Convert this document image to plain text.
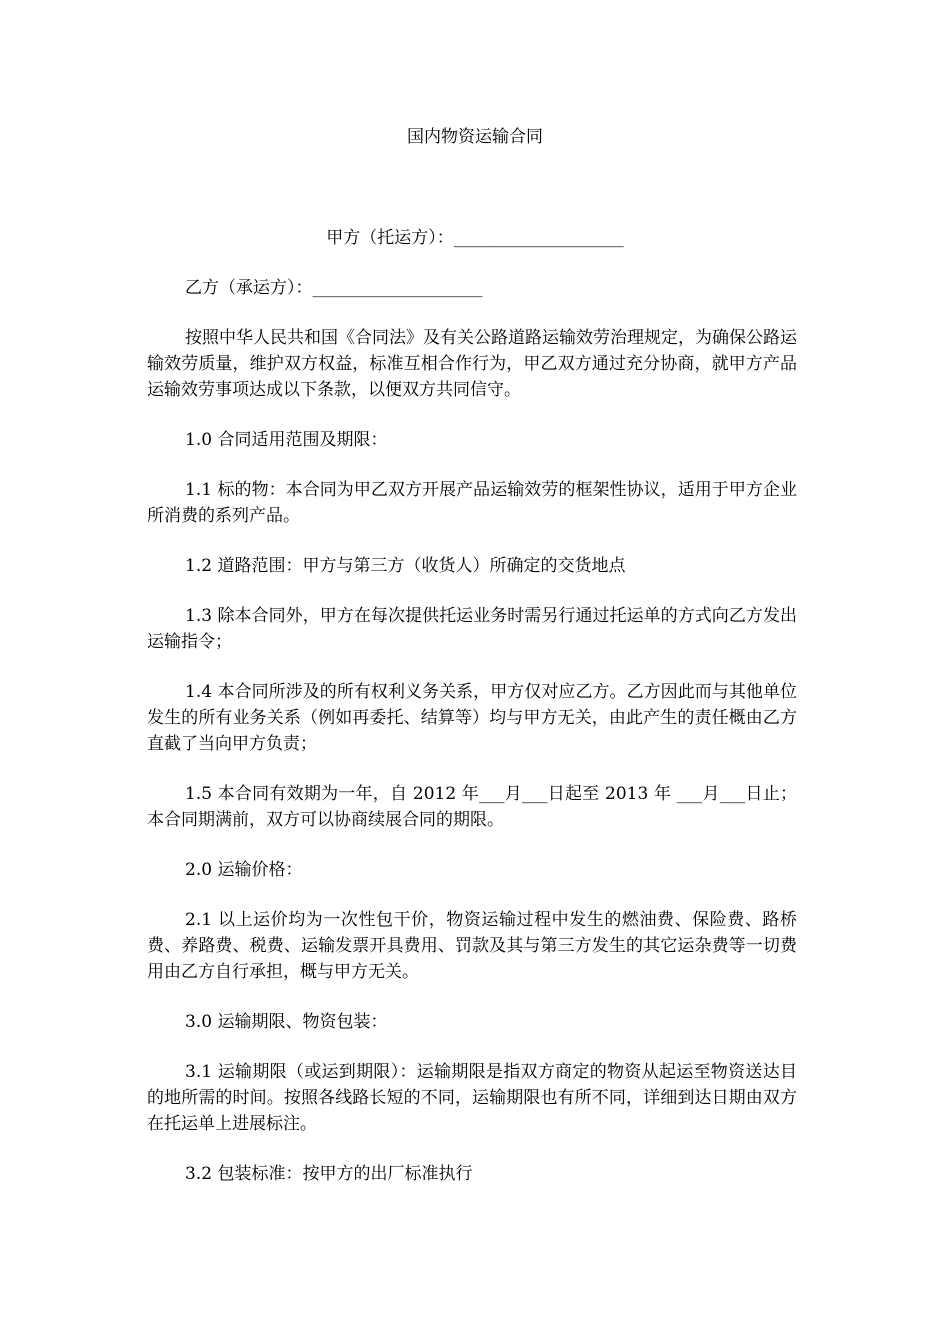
国内物资运输合同
甲方（托运方）：____________________

乙方（承运方）：____________________

按照中华人民共和国《合同法》及有关公路道路运输效劳治理规定，为确保公路运输效劳质量，维护双方权益，标准互相合作行为，甲乙双方通过充分协商，就甲方产品运输效劳事项达成以下条款，以便双方共同信守。

1.0 合同适用范围及期限：

1.1 标的物：本合同为甲乙双方开展产品运输效劳的框架性协议，适用于甲方企业所消费的系列产品。

1.2 道路范围：甲方与第三方（收货人）所确定的交货地点

1.3 除本合同外，甲方在每次提供托运业务时需另行通过托运单的方式向乙方发出运输指令；

1.4 本合同所涉及的所有权利义务关系，甲方仅对应乙方。乙方因此而与其他单位发生的所有业务关系（例如再委托、结算等）均与甲方无关，由此产生的责任概由乙方直截了当向甲方负责；

1.5 本合同有效期为一年，自 2012 年___月___日起至 2013 年 ___月___日止；本合同期满前，双方可以协商续展合同的期限。

2.0 运输价格：

2.1 以上运价均为一次性包干价，物资运输过程中发生的燃油费、保险费、路桥费、养路费、税费、运输发票开具费用、罚款及其与第三方发生的其它运杂费等一切费用由乙方自行承担，概与甲方无关。

3.0 运输期限、物资包装：

3.1 运输期限（或运到期限）：运输期限是指双方商定的物资从起运至物资送达目的地所需的时间。按照各线路长短的不同，运输期限也有所不同，详细到达日期由双方在托运单上进展标注。

3.2 包装标准：按甲方的出厂标准执行
